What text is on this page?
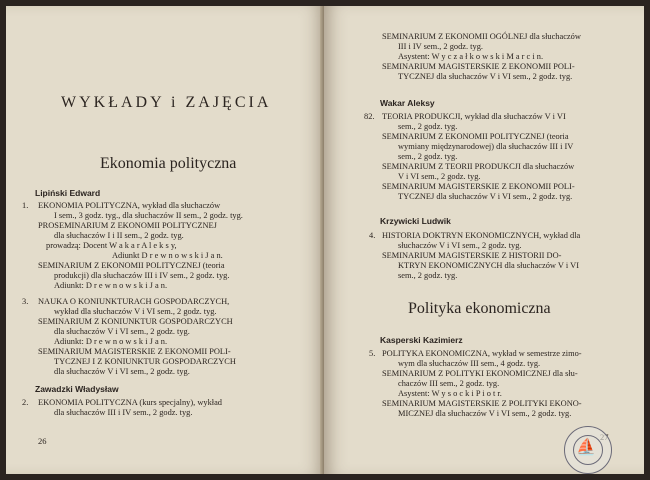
WYKŁADY i ZAJĘCIA
Ekonomia polityczna
Lipiński Edward
1. EKONOMIA POLITYCZNA, wykład dla słuchaczów
I sem., 3 godz. tyg., dla słuchaczów II sem., 2 godz. tyg.
PROSEMINARIUM Z EKONOMII POLITYCZNEJ
dla słuchaczów I i II sem., 2 godz. tyg.
prowadzą: Docent W a k a r A l e k s y,
Adiunkt D r e w n o w s k i J a n.
SEMINARIUM Z EKONOMII POLITYCZNEJ (teoria
produkcji) dla słuchaczów III i IV sem., 2 godz. tyg.
Adiunkt: D r e w n o w s k i J a n.
3. NAUKA O KONIUNKTURACH GOSPODARCZYCH,
wykład dla słuchaczów V i VI sem., 2 godz. tyg.
SEMINARIUM Z KONIUNKTUR GOSPODARCZYCH
dla słuchaczów V i VI sem., 2 godz. tyg.
Adiunkt: D r e w n o w s k i J a n.
SEMINARIUM MAGISTERSKIE Z EKONOMII POLI-
TYCZNEJ I Z KONIUNKTUR GOSPODARCZYCH
dla słuchaczów V i VI sem., 2 godz. tyg.
Zawadzki Władysław
2. EKONOMIA POLITYCZNA (kurs specjalny), wykład
dla słuchaczów III i IV sem., 2 godz. tyg.
26
SEMINARIUM Z EKONOMII OGÓLNEJ dla słuchaczów
III i IV sem., 2 godz. tyg.
Asystent: W y c z a ł k o w s k i M a r c i n.
SEMINARIUM MAGISTERSKIE Z EKONOMII POLI-
TYCZNEJ dla słuchaczów V i VI sem., 2 godz. tyg.
Wakar Aleksy
82. TEORIA PRODUKCJI, wykład dla słuchaczów V i VI
sem., 2 godz. tyg.
SEMINARIUM Z EKONOMII POLITYCZNEJ (teoria
wymiany międzynarodowej) dla słuchaczów III i IV
sem., 2 godz. tyg.
SEMINARIUM Z TEORII PRODUKCJI dla słuchaczów
V i VI sem., 2 godz. tyg.
SEMINARIUM MAGISTERSKIE Z EKONOMII POLI-
TYCZNEJ dla słuchaczów V i VI sem., 2 godz. tyg.
Krzywicki Ludwik
4. HISTORIA DOKTRYN EKONOMICZNYCH, wykład dla
słuchaczów V i VI sem., 2 godz. tyg.
SEMINARIUM MAGISTERSKIE Z HISTORII DO-
KTRYN EKONOMICZNYCH dla słuchaczów V i VI
sem., 2 godz. tyg.
Polityka ekonomiczna
Kasperski Kazimierz
5. POLITYKA EKONOMICZNA, wykład w semestrze zimo-
wym dla słuchaczów III sem., 4 godz. tyg.
SEMINARIUM Z POLITYKI EKONOMICZNEJ dla słu-
chaczów III sem., 2 godz. tyg.
Asystent: W y s o c k i P i o t r.
SEMINARIUM MAGISTERSKIE Z POLITYKI EKONO-
MICZNEJ dla słuchaczów V i VI sem., 2 godz. tyg.
⛵
